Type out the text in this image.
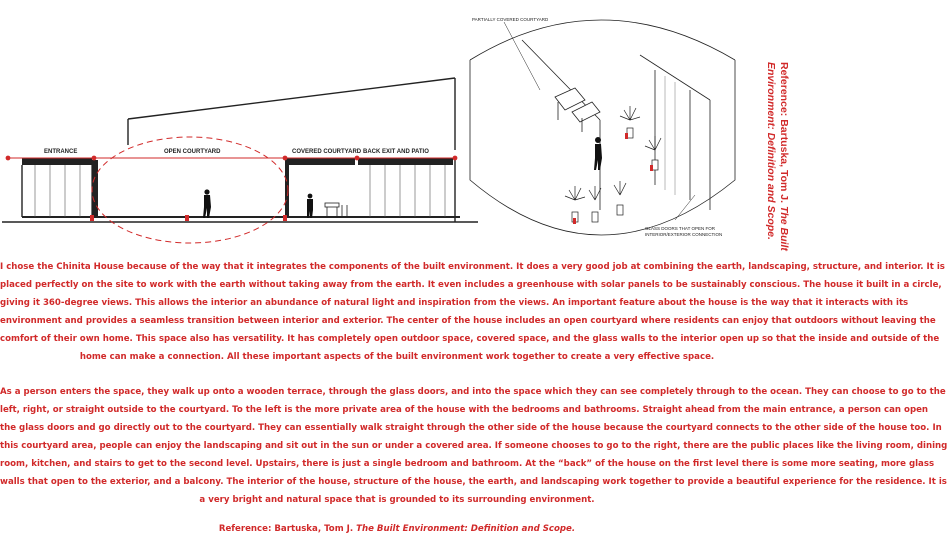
ENTRANCE	OPEN COURTYARD	COVERED COURTYARD BACK EXIT AND PATIO
PARTIALLY COVERED COURTYARD
GLASS DOORS THAT OPEN FOR
INTERIOR/EXTERIOR CONNECTION
Reference: Bartuska, Tom J. The Built Environment: Definition and Scope.
I chose the Chinita House because of the way that it integrates the components of the built environment. It does a very good job at combining the earth, landscaping, structure, and interior. It is
placed perfectly on the site to work with the earth without taking away from the earth. It even includes a greenhouse with solar panels to be sustainably conscious. The house it built in a circle,
giving it 360-degree views. This allows the interior an abundance of natural light and inspiration from the views. An important feature about the house is the way that it interacts with its
environment and provides a seamless transition between interior and exterior. The center of the house includes an open courtyard where residents can enjoy that outdoors without leaving the
comfort of their own home. This space also has versatility. It has completely open outdoor space, covered space, and the glass walls to the interior open up so that the inside and outside of the
home can make a connection. All these important aspects of the built environment work together to create a very effective space.
As a person enters the space, they walk up onto a wooden terrace, through the glass doors, and into the space which they can see completely through to the ocean. They can choose to go to the
left, right, or straight outside to the courtyard. To the left is the more private area of the house with the bedrooms and bathrooms. Straight ahead from the main entrance, a person can open
the glass doors and go directly out to the courtyard. They can essentially walk straight through the other side of the house because the courtyard connects to the other side of the house too. In
this courtyard area, people can enjoy the landscaping and sit out in the sun or under a covered area. If someone chooses to go to the right, there are the public places like the living room, dining
room, kitchen, and stairs to get to the second level. Upstairs, there is just a single bedroom and bathroom. At the “back” of the house on the first level there is some more seating, more glass
walls that open to the exterior, and a balcony. The interior of the house, structure of the house, the earth, and landscaping work together to provide a beautiful experience for the residence. It is
a very bright and natural space that is grounded to its surrounding environment.
Reference: Bartuska, Tom J. The Built Environment: Definition and Scope.
